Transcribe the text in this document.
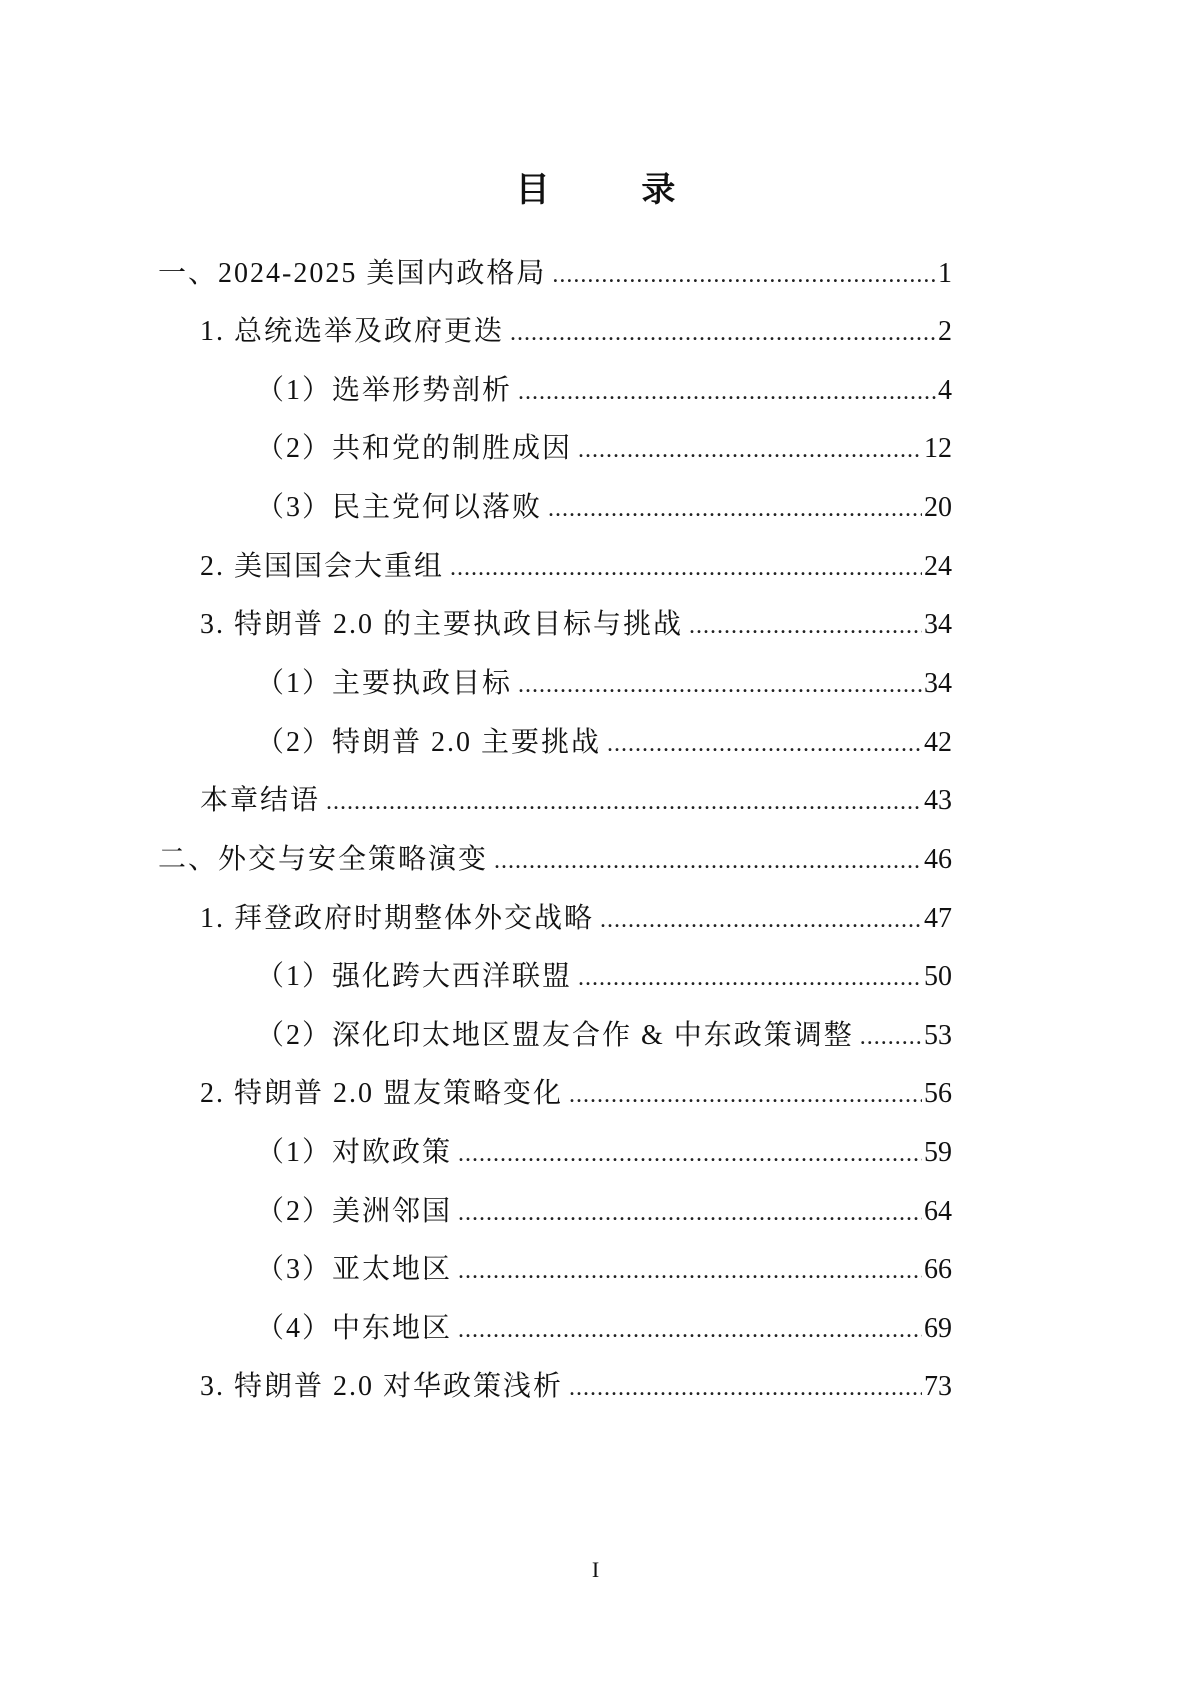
目 录
一、2024-2025 美国内政格局 .....	1
1. 总统选举及政府更迭 .....	2
（1）选举形势剖析 .....	4
（2）共和党的制胜成因 .....	12
（3）民主党何以落败 .....	20
2. 美国国会大重组 .....	24
3. 特朗普 2.0 的主要执政目标与挑战 .....	34
（1）主要执政目标 .....	34
（2）特朗普 2.0 主要挑战 .....	42
本章结语 .....	43
二、外交与安全策略演变 .....	46
1. 拜登政府时期整体外交战略 .....	47
（1）强化跨大西洋联盟 .....	50
（2）深化印太地区盟友合作 & 中东政策调整 .....	53
2. 特朗普 2.0 盟友策略变化 .....	56
（1）对欧政策 .....	59
（2）美洲邻国 .....	64
（3）亚太地区 .....	66
（4）中东地区 .....	69
3. 特朗普 2.0 对华政策浅析 .....	73
I
